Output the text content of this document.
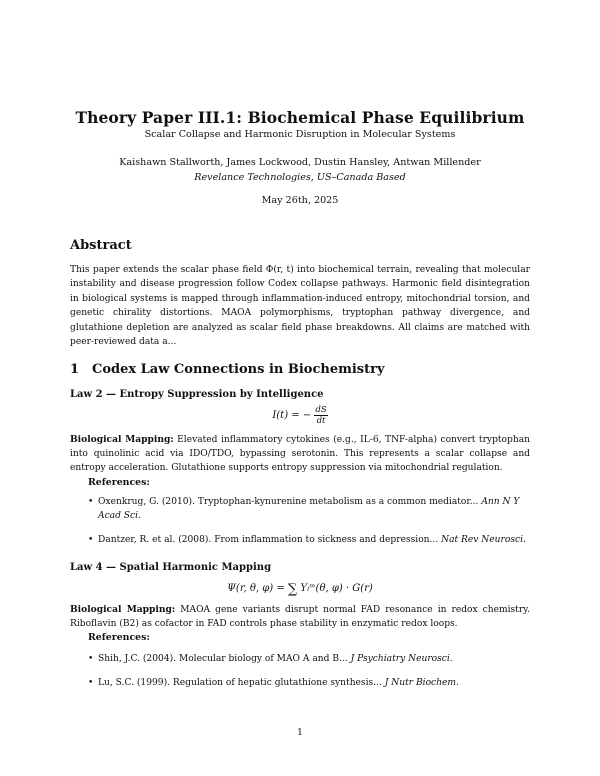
Theory Paper III.1: Biochemical Phase Equilibrium
Scalar Collapse and Harmonic Disruption in Molecular Systems
Kaishawn Stallworth, James Lockwood, Dustin Hansley, Antwan Millender
Revelance Technologies, US–Canada Based
May 26th, 2025
Abstract
This paper extends the scalar phase field Φ(r, t) into biochemical terrain, revealing that molecular instability and disease progression follow Codex collapse pathways. Harmonic field disintegration in biological systems is mapped through inflammation-induced entropy, mitochondrial torsion, and genetic chirality distortions. MAOA polymorphisms, tryptophan pathway divergence, and glutathione depletion are analyzed as scalar field phase breakdowns. All claims are matched with peer-reviewed data a...
1 Codex Law Connections in Biochemistry
Law 2 — Entropy Suppression by Intelligence
I(t) = − $\frac{dS}{dt}$
Biological Mapping: Elevated inflammatory cytokines (e.g., IL-6, TNF-alpha) convert tryptophan into quinolinic acid via IDO/TDO, bypassing serotonin. This represents a scalar collapse and entropy acceleration. Glutathione supports entropy suppression via mitochondrial regulation.
References:
• Oxenkrug, G. (2010). Tryptophan-kynurenine metabolism as a common mediator... Ann N Y Acad Sci.
• Dantzer, R. et al. (2008). From inflammation to sickness and depression... Nat Rev Neurosci.
Law 4 — Spatial Harmonic Mapping
Ψ(r, θ, φ) = ∑ Yₗᵐ(θ, φ) · G(r)
Biological Mapping: MAOA gene variants disrupt normal FAD resonance in redox chemistry. Riboflavin (B2) as cofactor in FAD controls phase stability in enzymatic redox loops.
References:
• Shih, J.C. (2004). Molecular biology of MAO A and B... J Psychiatry Neurosci.
• Lu, S.C. (1999). Regulation of hepatic glutathione synthesis... J Nutr Biochem.
1
